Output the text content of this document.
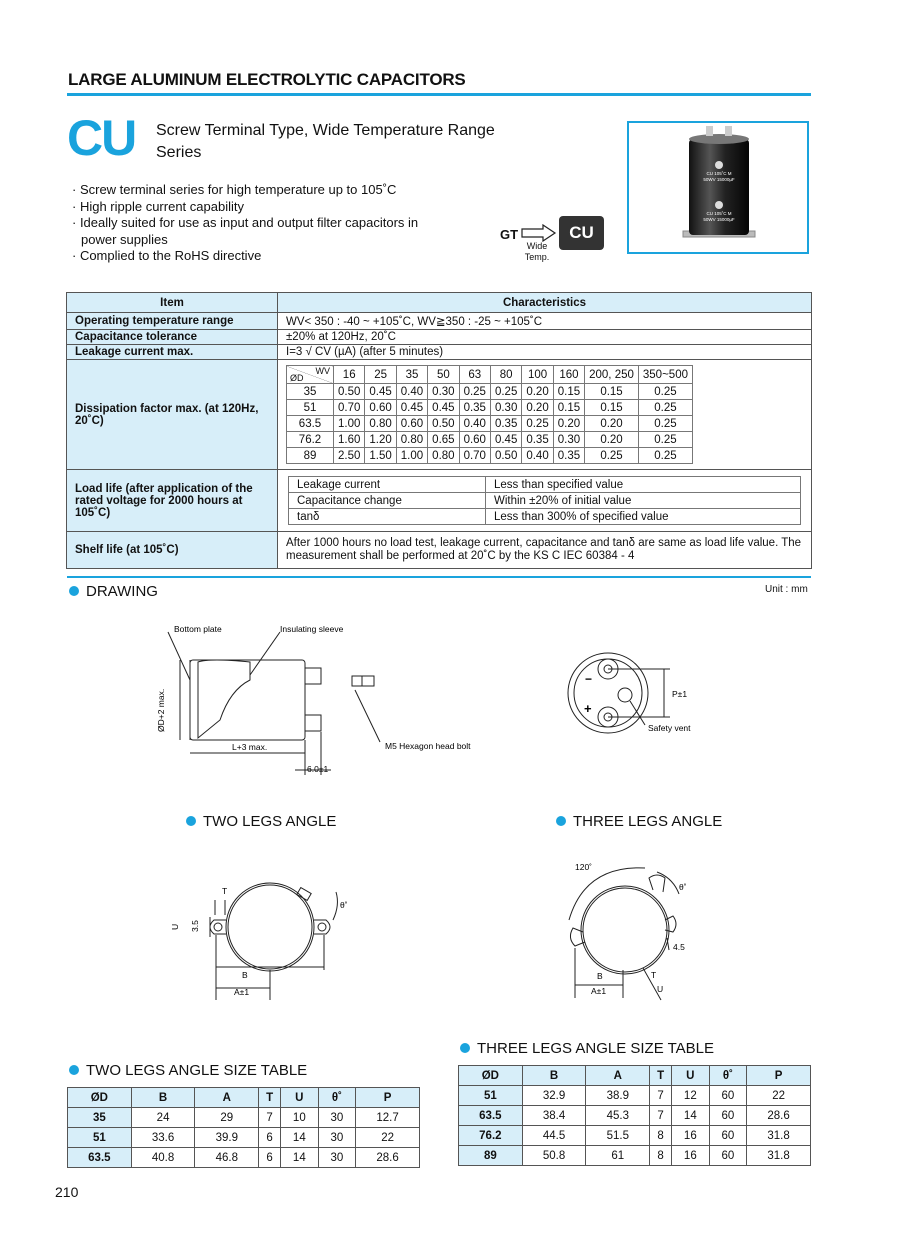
LARGE ALUMINUM ELECTROLYTIC CAPACITORS
CU Screw Terminal Type, Wide Temperature Range Series
· Screw terminal series for high temperature up to 105˚C
· High ripple current capability
· Ideally suited for use as input and output filter capacitors in power supplies
· Complied to the RoHS directive
GT
Wide Temp.
CU
CU 105˚C M
50WV 15000µF
CU 105˚C M
50WV 15000µF
Item	Characteristics
Operating temperature range	WV< 350 : -40 ~ +105˚C, WV≧350 : -25 ~ +105˚C
Capacitance tolerance	±20% at 120Hz, 20˚C
Leakage current max.	I=3 √ CV (µA) (after 5 minutes)
Dissipation factor max. (at 120Hz, 20˚C)	
WV
ØD	16	25	35	50	63	80	100	160	200, 250	350~500
35	0.50	0.45	0.40	0.30	0.25	0.25	0.20	0.15	0.15	0.25
51	0.70	0.60	0.45	0.45	0.35	0.30	0.20	0.15	0.15	0.25
63.5	1.00	0.80	0.60	0.50	0.40	0.35	0.25	0.20	0.20	0.25
76.2	1.60	1.20	0.80	0.65	0.60	0.45	0.35	0.30	0.20	0.25
89	2.50	1.50	1.00	0.80	0.70	0.50	0.40	0.35	0.25	0.25

Load life (after application of the rated voltage for 2000 hours at 105˚C)	
Leakage current	Less than specified value
Capacitance change	Within ±20% of initial value
tanδ	Less than 300% of specified value

Shelf life (at 105˚C)	After 1000 hours no load test, leakage current, capacitance and tanδ are same as load life value. The measurement shall be performed at 20˚C by the KS C IEC 60384 - 4
DRAWING	Unit : mm
Bottom plate	Insulating sleeve
ØD+2 max.
L+3 max.	M5 Hexagon head bolt
6.0±1
−
+
P±1
Safety vent
TWO LEGS ANGLE	THREE LEGS ANGLE
T
U 3.5
B
A±1
θ˚
120˚
θ˚
4.5
B
A±1
T
U
THREE LEGS ANGLE SIZE TABLE
ØD	B	A	T	U	θ˚	P
51	32.9	38.9	7	12	60	22
63.5	38.4	45.3	7	14	60	28.6
76.2	44.5	51.5	8	16	60	31.8
89	50.8	61	8	16	60	31.8
TWO LEGS ANGLE SIZE TABLE
ØD	B	A	T	U	θ˚	P
35	24	29	7	10	30	12.7
51	33.6	39.9	6	14	30	22
63.5	40.8	46.8	6	14	30	28.6
210
